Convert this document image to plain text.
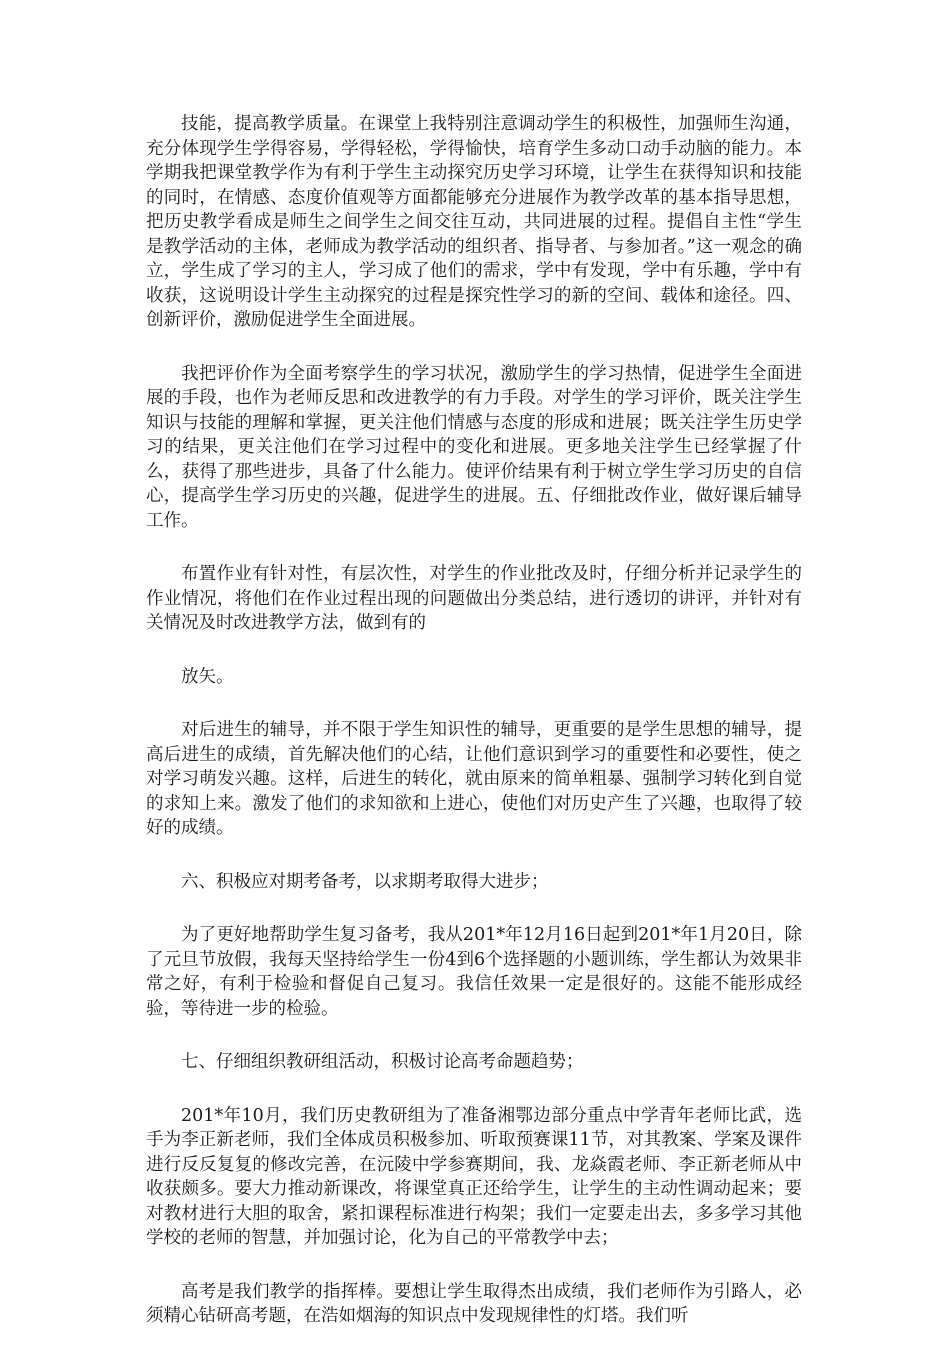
技能，提高教学质量。在课堂上我特别注意调动学生的积极性，加强师生沟通，充分体现学生学得容易，学得轻松，学得愉快，培育学生多动口动手动脑的能力。本学期我把课堂教学作为有利于学生主动探究历史学习环境，让学生在获得知识和技能的同时，在情感、态度价值观等方面都能够充分进展作为教学改革的基本指导思想，把历史教学看成是师生之间学生之间交往互动，共同进展的过程。提倡自主性“学生是教学活动的主体，老师成为教学活动的组织者、指导者、与参加者。”这一观念的确立，学生成了学习的主人，学习成了他们的需求，学中有发现，学中有乐趣，学中有收获，这说明设计学生主动探究的过程是探究性学习的新的空间、载体和途径。四、创新评价，激励促进学生全面进展。

我把评价作为全面考察学生的学习状况，激励学生的学习热情，促进学生全面进展的手段，也作为老师反思和改进教学的有力手段。对学生的学习评价，既关注学生知识与技能的理解和掌握，更关注他们情感与态度的形成和进展；既关注学生历史学习的结果，更关注他们在学习过程中的变化和进展。更多地关注学生已经掌握了什么，获得了那些进步，具备了什么能力。使评价结果有利于树立学生学习历史的自信心，提高学生学习历史的兴趣，促进学生的进展。五、仔细批改作业，做好课后辅导工作。

布置作业有针对性，有层次性，对学生的作业批改及时，仔细分析并记录学生的作业情况，将他们在作业过程出现的问题做出分类总结，进行透切的讲评，并针对有关情况及时改进教学方法，做到有的

放矢。

对后进生的辅导，并不限于学生知识性的辅导，更重要的是学生思想的辅导，提高后进生的成绩，首先解决他们的心结，让他们意识到学习的重要性和必要性，使之对学习萌发兴趣。这样，后进生的转化，就由原来的简单粗暴、强制学习转化到自觉的求知上来。激发了他们的求知欲和上进心，使他们对历史产生了兴趣，也取得了较好的成绩。

六、积极应对期考备考，以求期考取得大进步；

为了更好地帮助学生复习备考，我从201*年12月16日起到201*年1月20日，除了元旦节放假，我每天坚持给学生一份4到6个选择题的小题训练，学生都认为效果非常之好，有利于检验和督促自己复习。我信任效果一定是很好的。这能不能形成经验，等待进一步的检验。

七、仔细组织教研组活动，积极讨论高考命题趋势；

201*年10月，我们历史教研组为了准备湘鄂边部分重点中学青年老师比武，选手为李正新老师，我们全体成员积极参加、听取预赛课11节，对其教案、学案及课件进行反反复复的修改完善，在沅陵中学参赛期间，我、龙焱霞老师、李正新老师从中收获颇多。要大力推动新课改，将课堂真正还给学生，让学生的主动性调动起来；要对教材进行大胆的取舍，紧扣课程标准进行构架；我们一定要走出去，多多学习其他学校的老师的智慧，并加强讨论，化为自己的平常教学中去；

高考是我们教学的指挥棒。要想让学生取得杰出成绩，我们老师作为引路人，必须精心钻研高考题，在浩如烟海的知识点中发现规律性的灯塔。我们听
